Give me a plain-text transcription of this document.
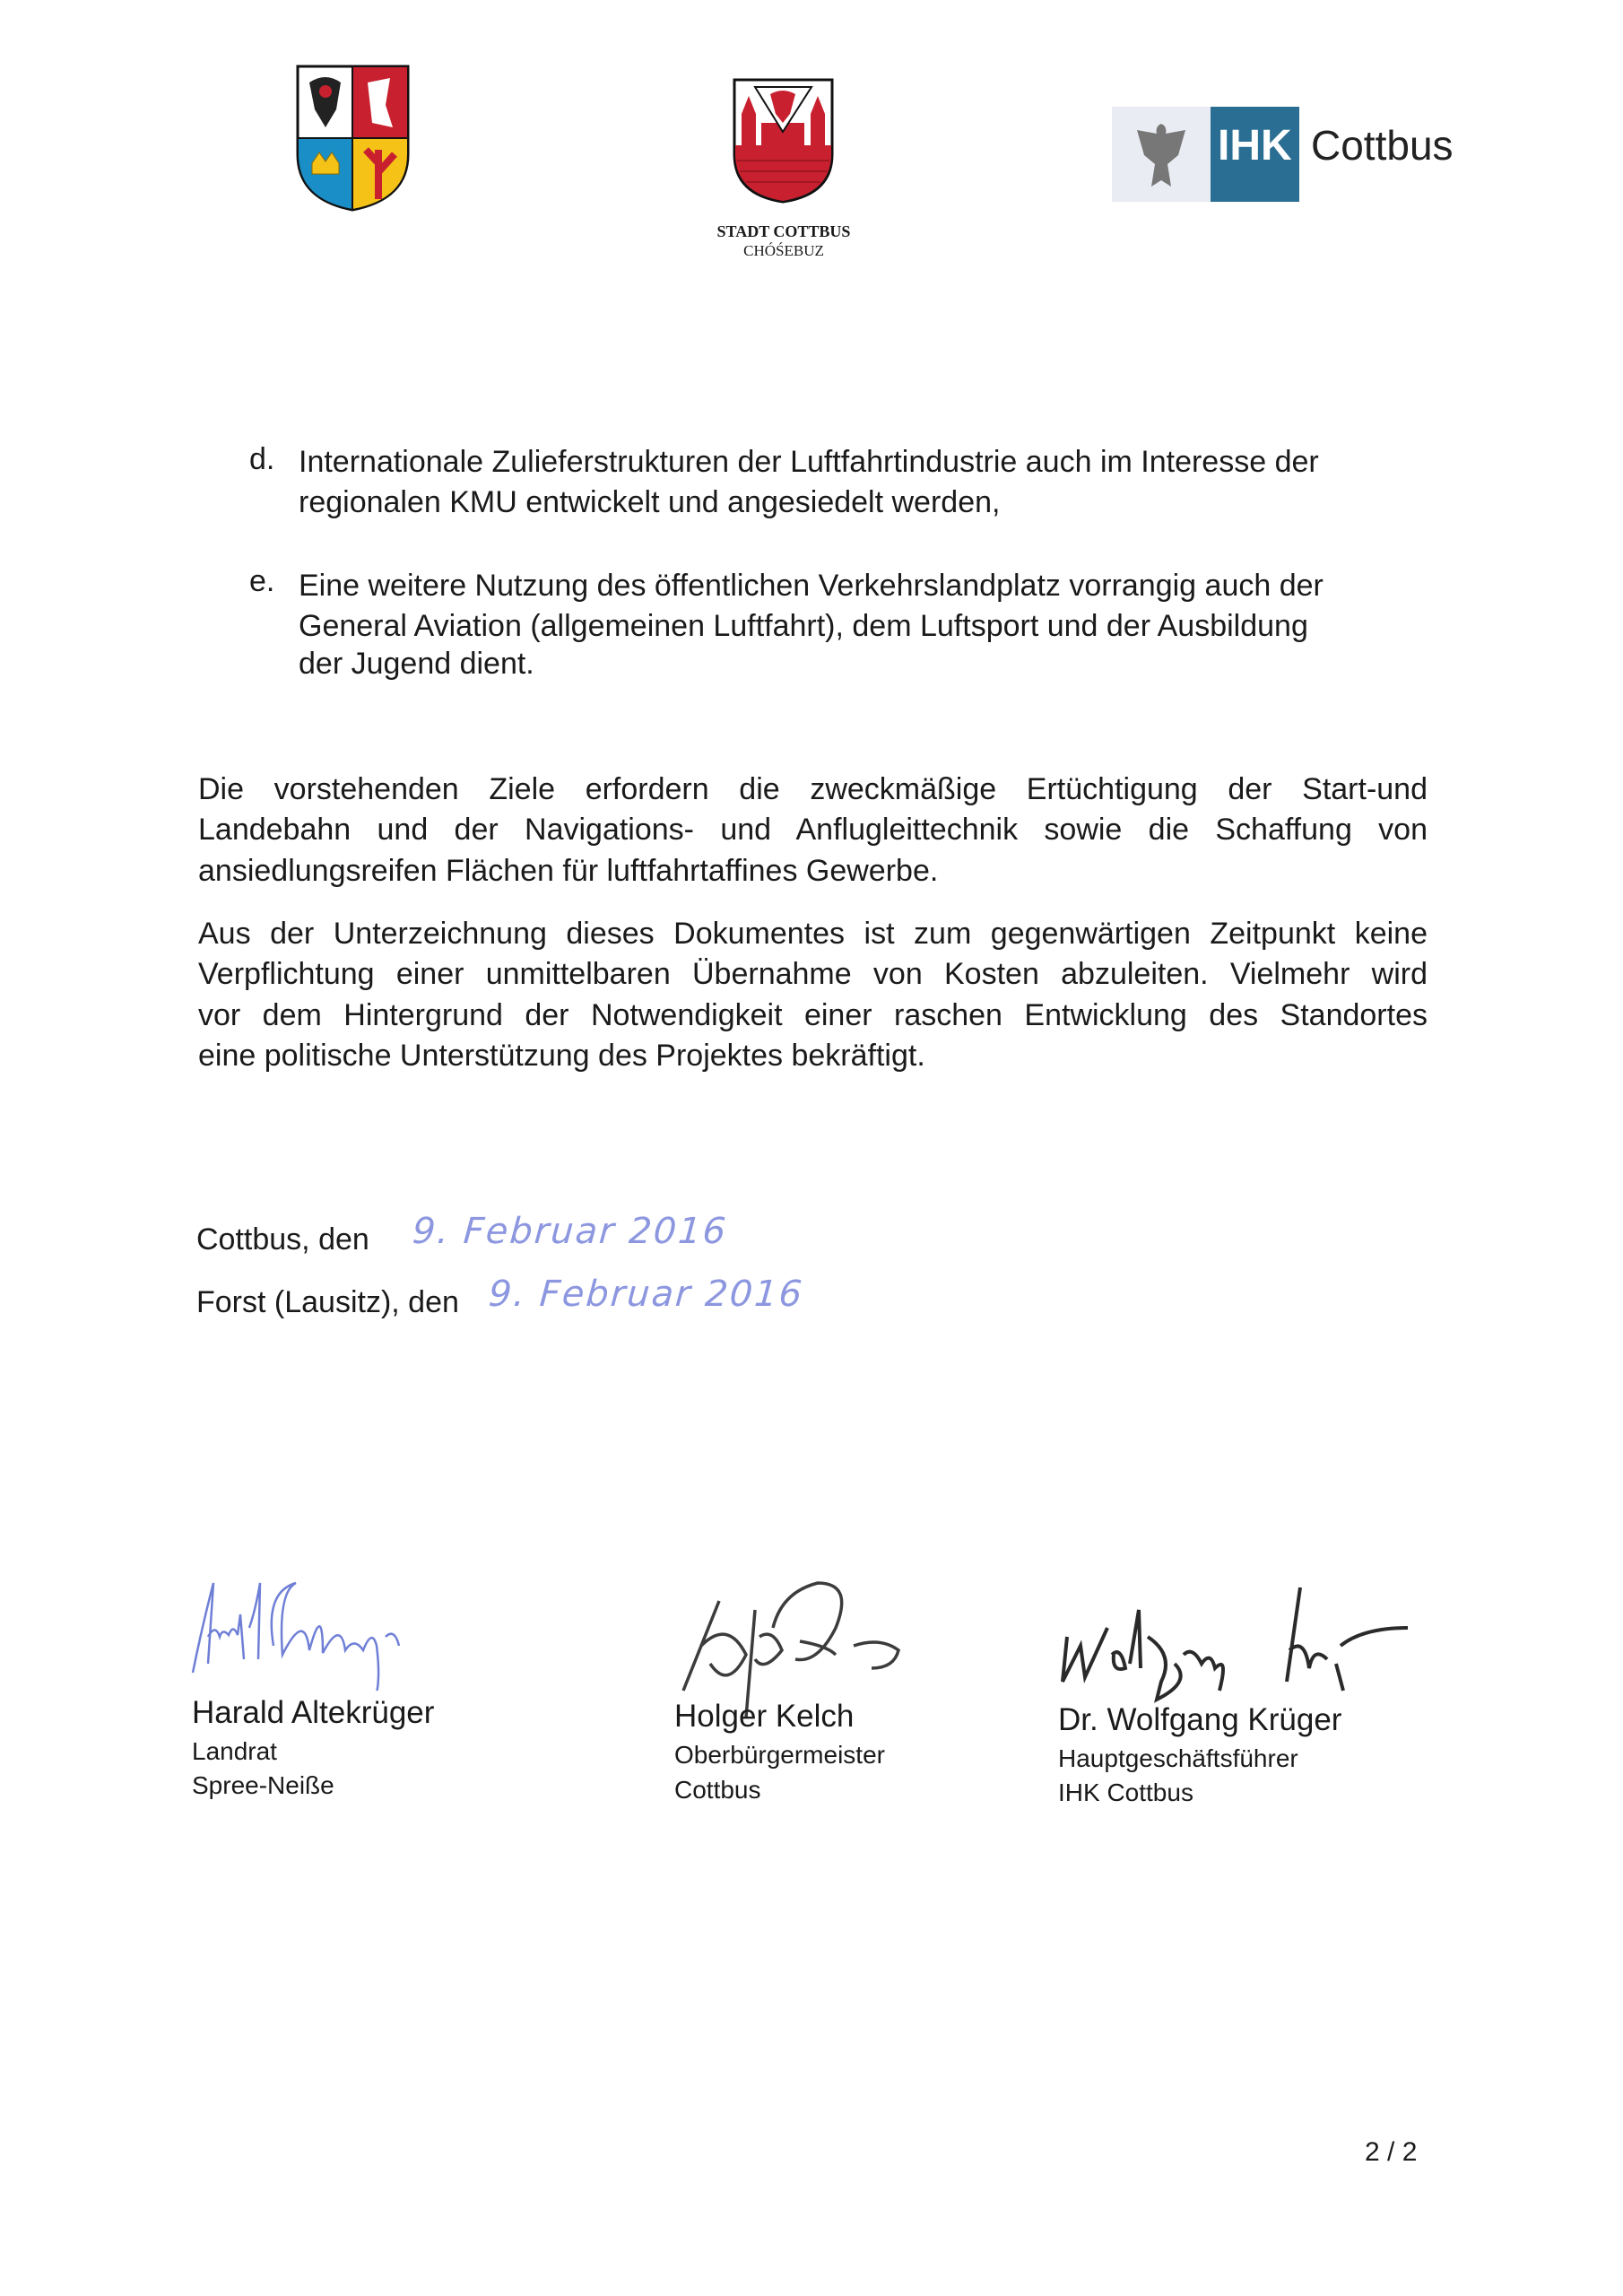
STADT COTTBUS
CHÓŚEBUZ
IHK Cottbus
d. Internationale Zulieferstrukturen der Luftfahrtindustrie auch im Interesse der
regionalen KMU entwickelt und angesiedelt werden,
e. Eine weitere Nutzung des öffentlichen Verkehrslandplatz vorrangig auch der
General Aviation (allgemeinen Luftfahrt), dem Luftsport und der Ausbildung
der Jugend dient.
Die vorstehenden Ziele erfordern die zweckmäßige Ertüchtigung der Start-und
Landebahn und der Navigations- und Anflugleittechnik sowie die Schaffung von
ansiedlungsreifen Flächen für luftfahrtaffines Gewerbe.
Aus der Unterzeichnung dieses Dokumentes ist zum gegenwärtigen Zeitpunkt keine
Verpflichtung einer unmittelbaren Übernahme von Kosten abzuleiten. Vielmehr wird
vor dem Hintergrund der Notwendigkeit einer raschen Entwicklung des Standortes
eine politische Unterstützung des Projektes bekräftigt.
Cottbus, den 9. Februar 2016
Forst (Lausitz), den 9. Februar 2016
Harald Altekrüger
Landrat
Spree-Neiße
Holger Kelch
Oberbürgermeister
Cottbus
Dr. Wolfgang Krüger
Hauptgeschäftsführer
IHK Cottbus
2 / 2
